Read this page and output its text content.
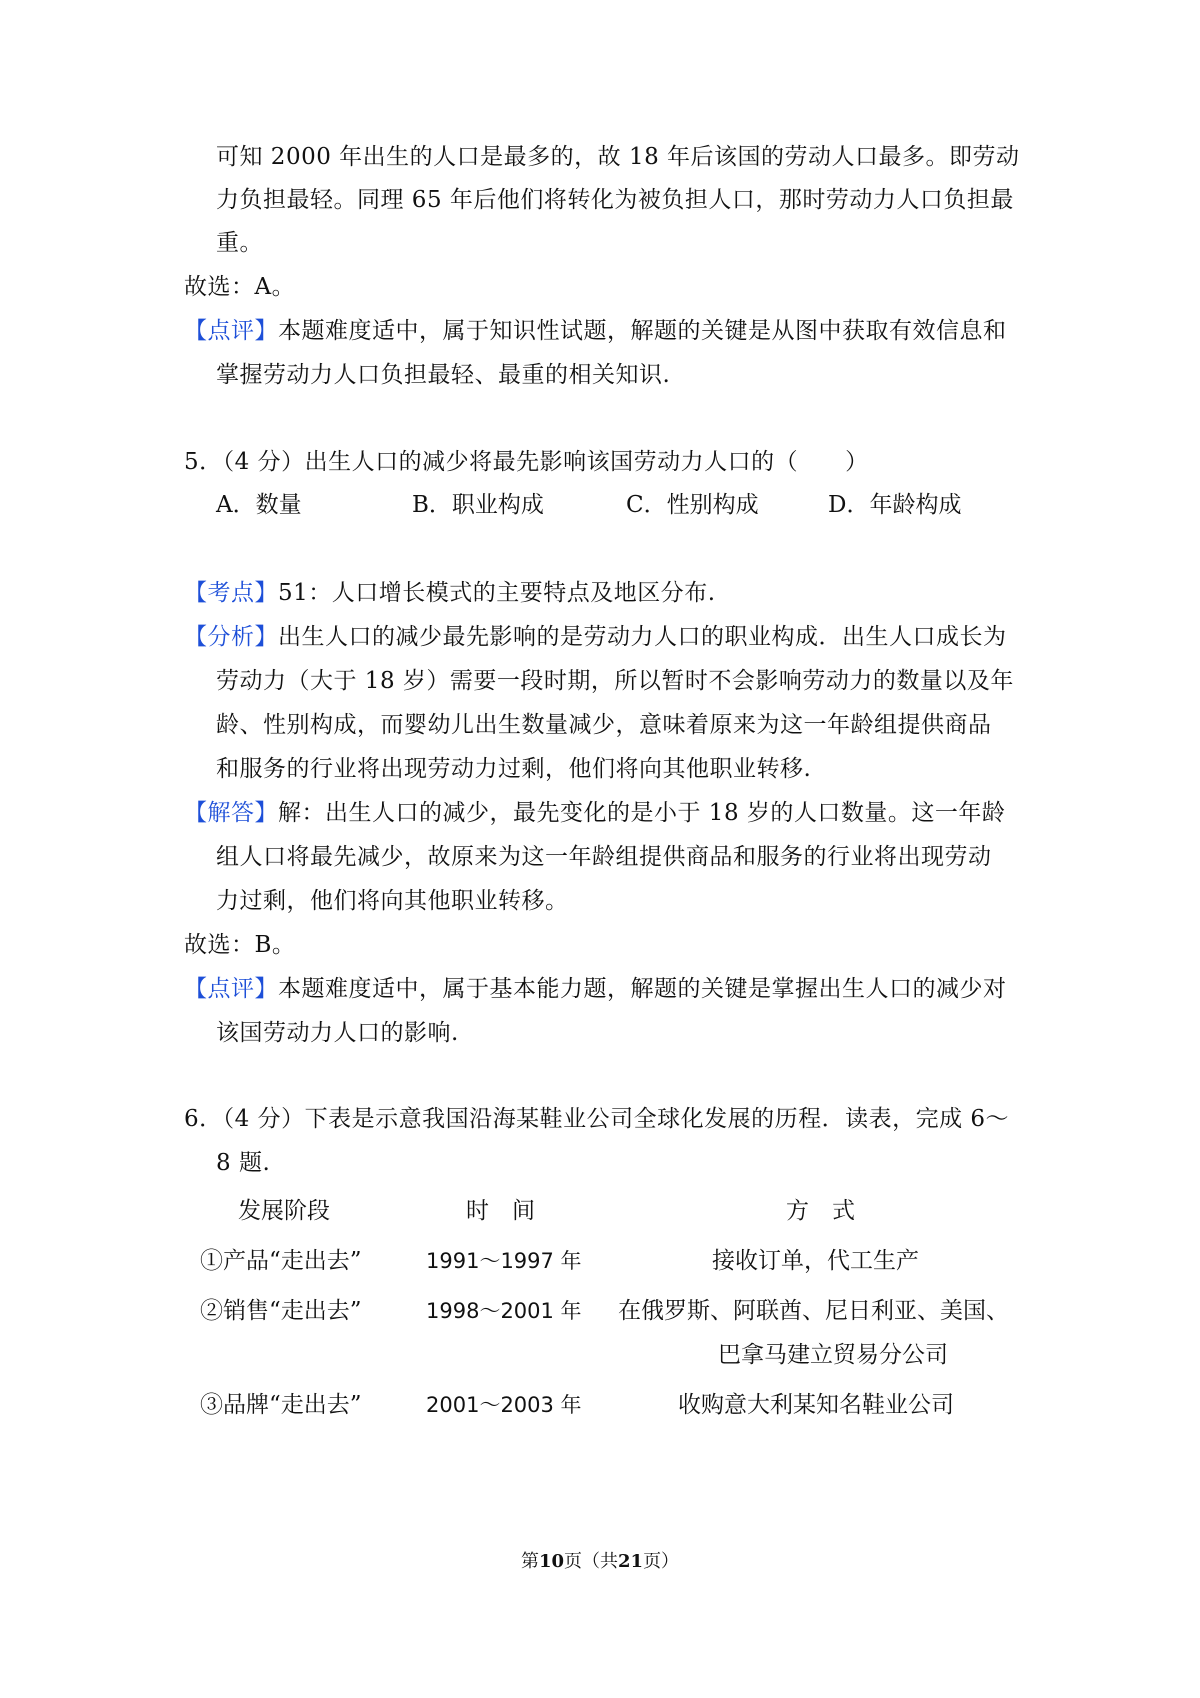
可知 2000 年出生的人口是最多的，故 18 年后该国的劳动人口最多。即劳动
力负担最轻。同理 65 年后他们将转化为被负担人口，那时劳动力人口负担最
重。
故选：A。
【点评】本题难度适中，属于知识性试题，解题的关键是从图中获取有效信息和
掌握劳动力人口负担最轻、最重的相关知识.
5．（4 分）出生人口的减少将最先影响该国劳动力人口的（　　）
A．数量	B．职业构成	C．性别构成	D．年龄构成
【考点】51：人口增长模式的主要特点及地区分布.
【分析】出生人口的减少最先影响的是劳动力人口的职业构成．出生人口成长为
劳动力（大于 18 岁）需要一段时期，所以暂时不会影响劳动力的数量以及年
龄、性别构成，而婴幼儿出生数量减少，意味着原来为这一年龄组提供商品
和服务的行业将出现劳动力过剩，他们将向其他职业转移.
【解答】解：出生人口的减少，最先变化的是小于 18 岁的人口数量。这一年龄
组人口将最先减少，故原来为这一年龄组提供商品和服务的行业将出现劳动
力过剩，他们将向其他职业转移。
故选：B。
【点评】本题难度适中，属于基本能力题，解题的关键是掌握出生人口的减少对
该国劳动力人口的影响.
6．（4 分）下表是示意我国沿海某鞋业公司全球化发展的历程．读表，完成 6～
8 题.
发展阶段	时　间	方　式
①产品“走出去”	1991～1997 年	接收订单，代工生产
②销售“走出去”	1998～2001 年 在俄罗斯、阿联酋、尼日利亚、美国、
巴拿马建立贸易分公司
③品牌“走出去”	2001～2003 年	收购意大利某知名鞋业公司
第10页（共21页）
